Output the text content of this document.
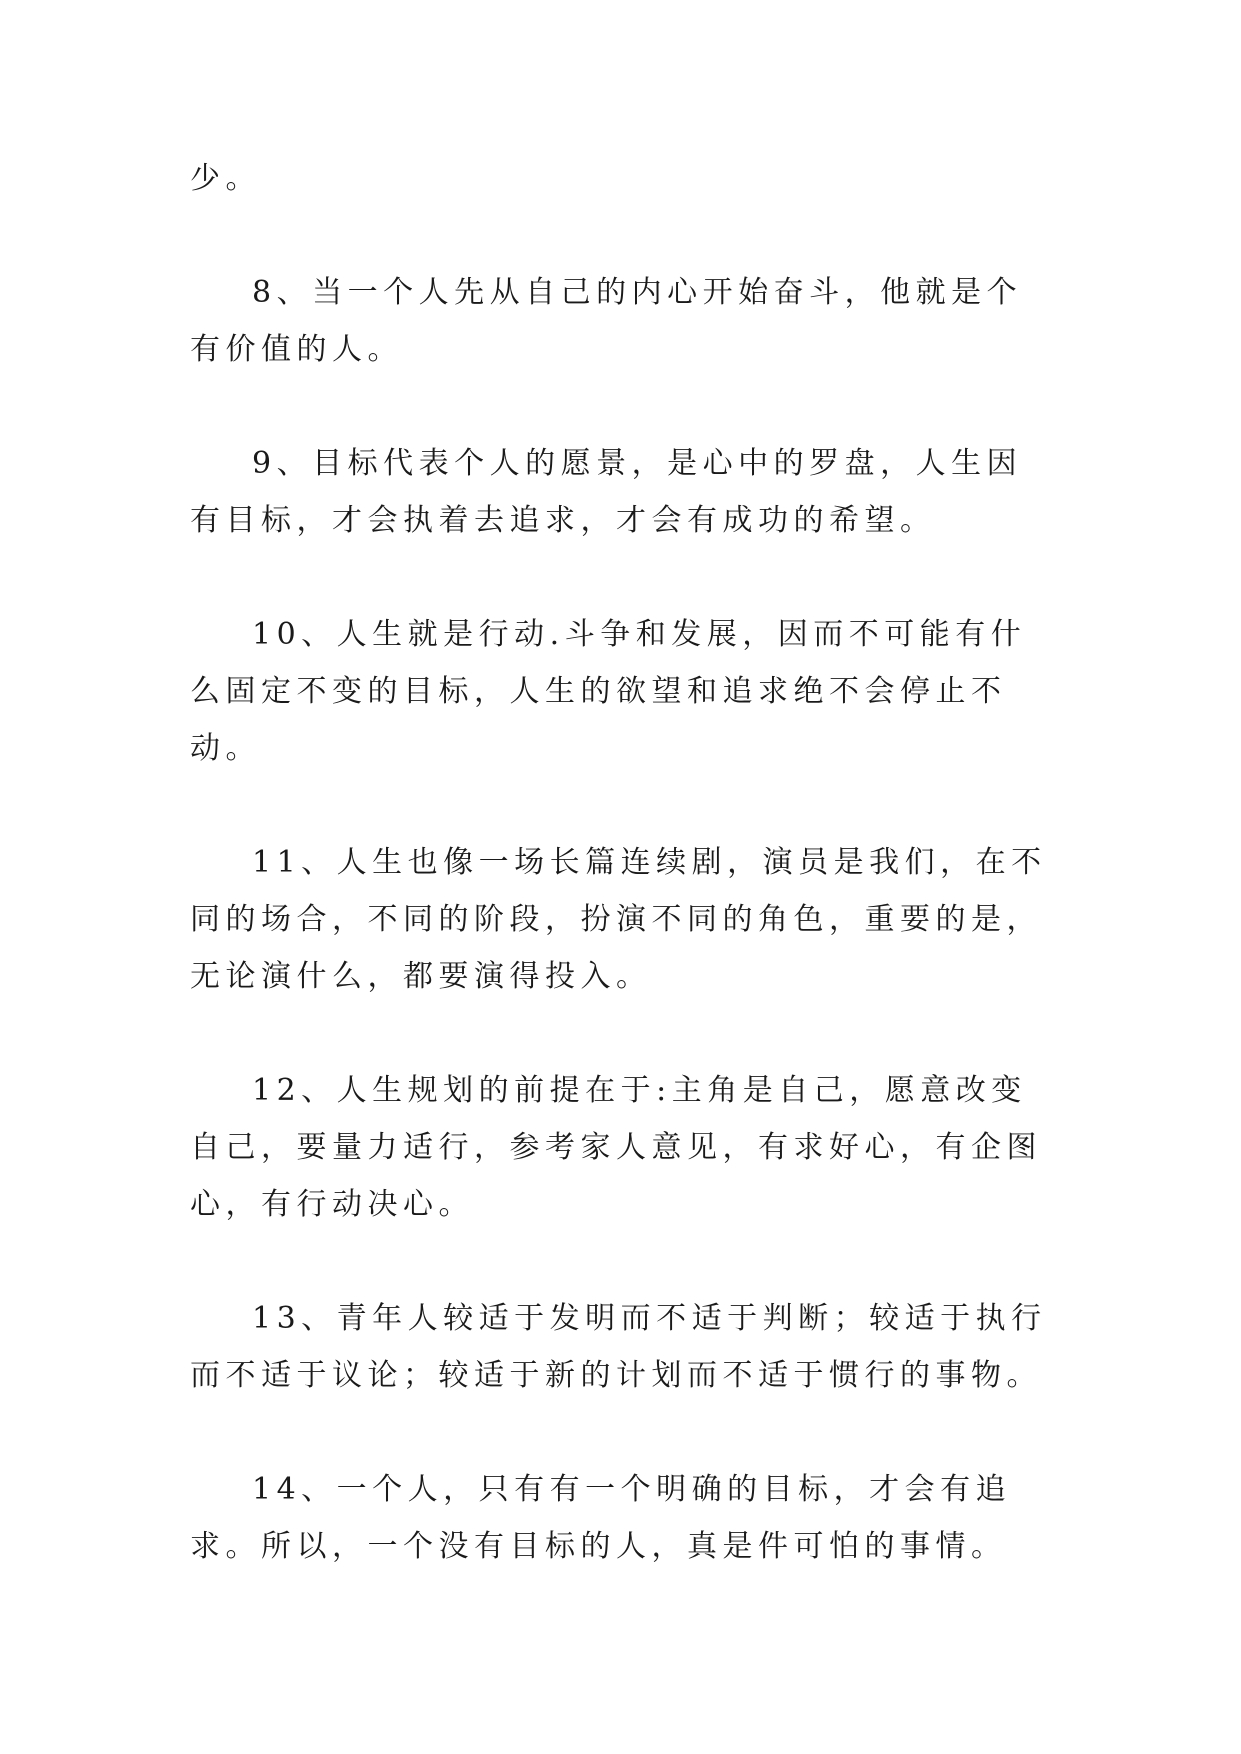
少。

8、当一个人先从自己的内心开始奋斗，他就是个有价值的人。

9、目标代表个人的愿景，是心中的罗盘，人生因有目标，才会执着去追求，才会有成功的希望。

10、人生就是行动.斗争和发展，因而不可能有什么固定不变的目标，人生的欲望和追求绝不会停止不动。

11、人生也像一场长篇连续剧，演员是我们，在不同的场合，不同的阶段，扮演不同的角色，重要的是，无论演什么，都要演得投入。

12、人生规划的前提在于:主角是自己，愿意改变自己，要量力适行，参考家人意见，有求好心，有企图心，有行动决心。

13、青年人较适于发明而不适于判断；较适于执行而不适于议论；较适于新的计划而不适于惯行的事物。

14、一个人，只有有一个明确的目标，才会有追求。所以，一个没有目标的人，真是件可怕的事情。
